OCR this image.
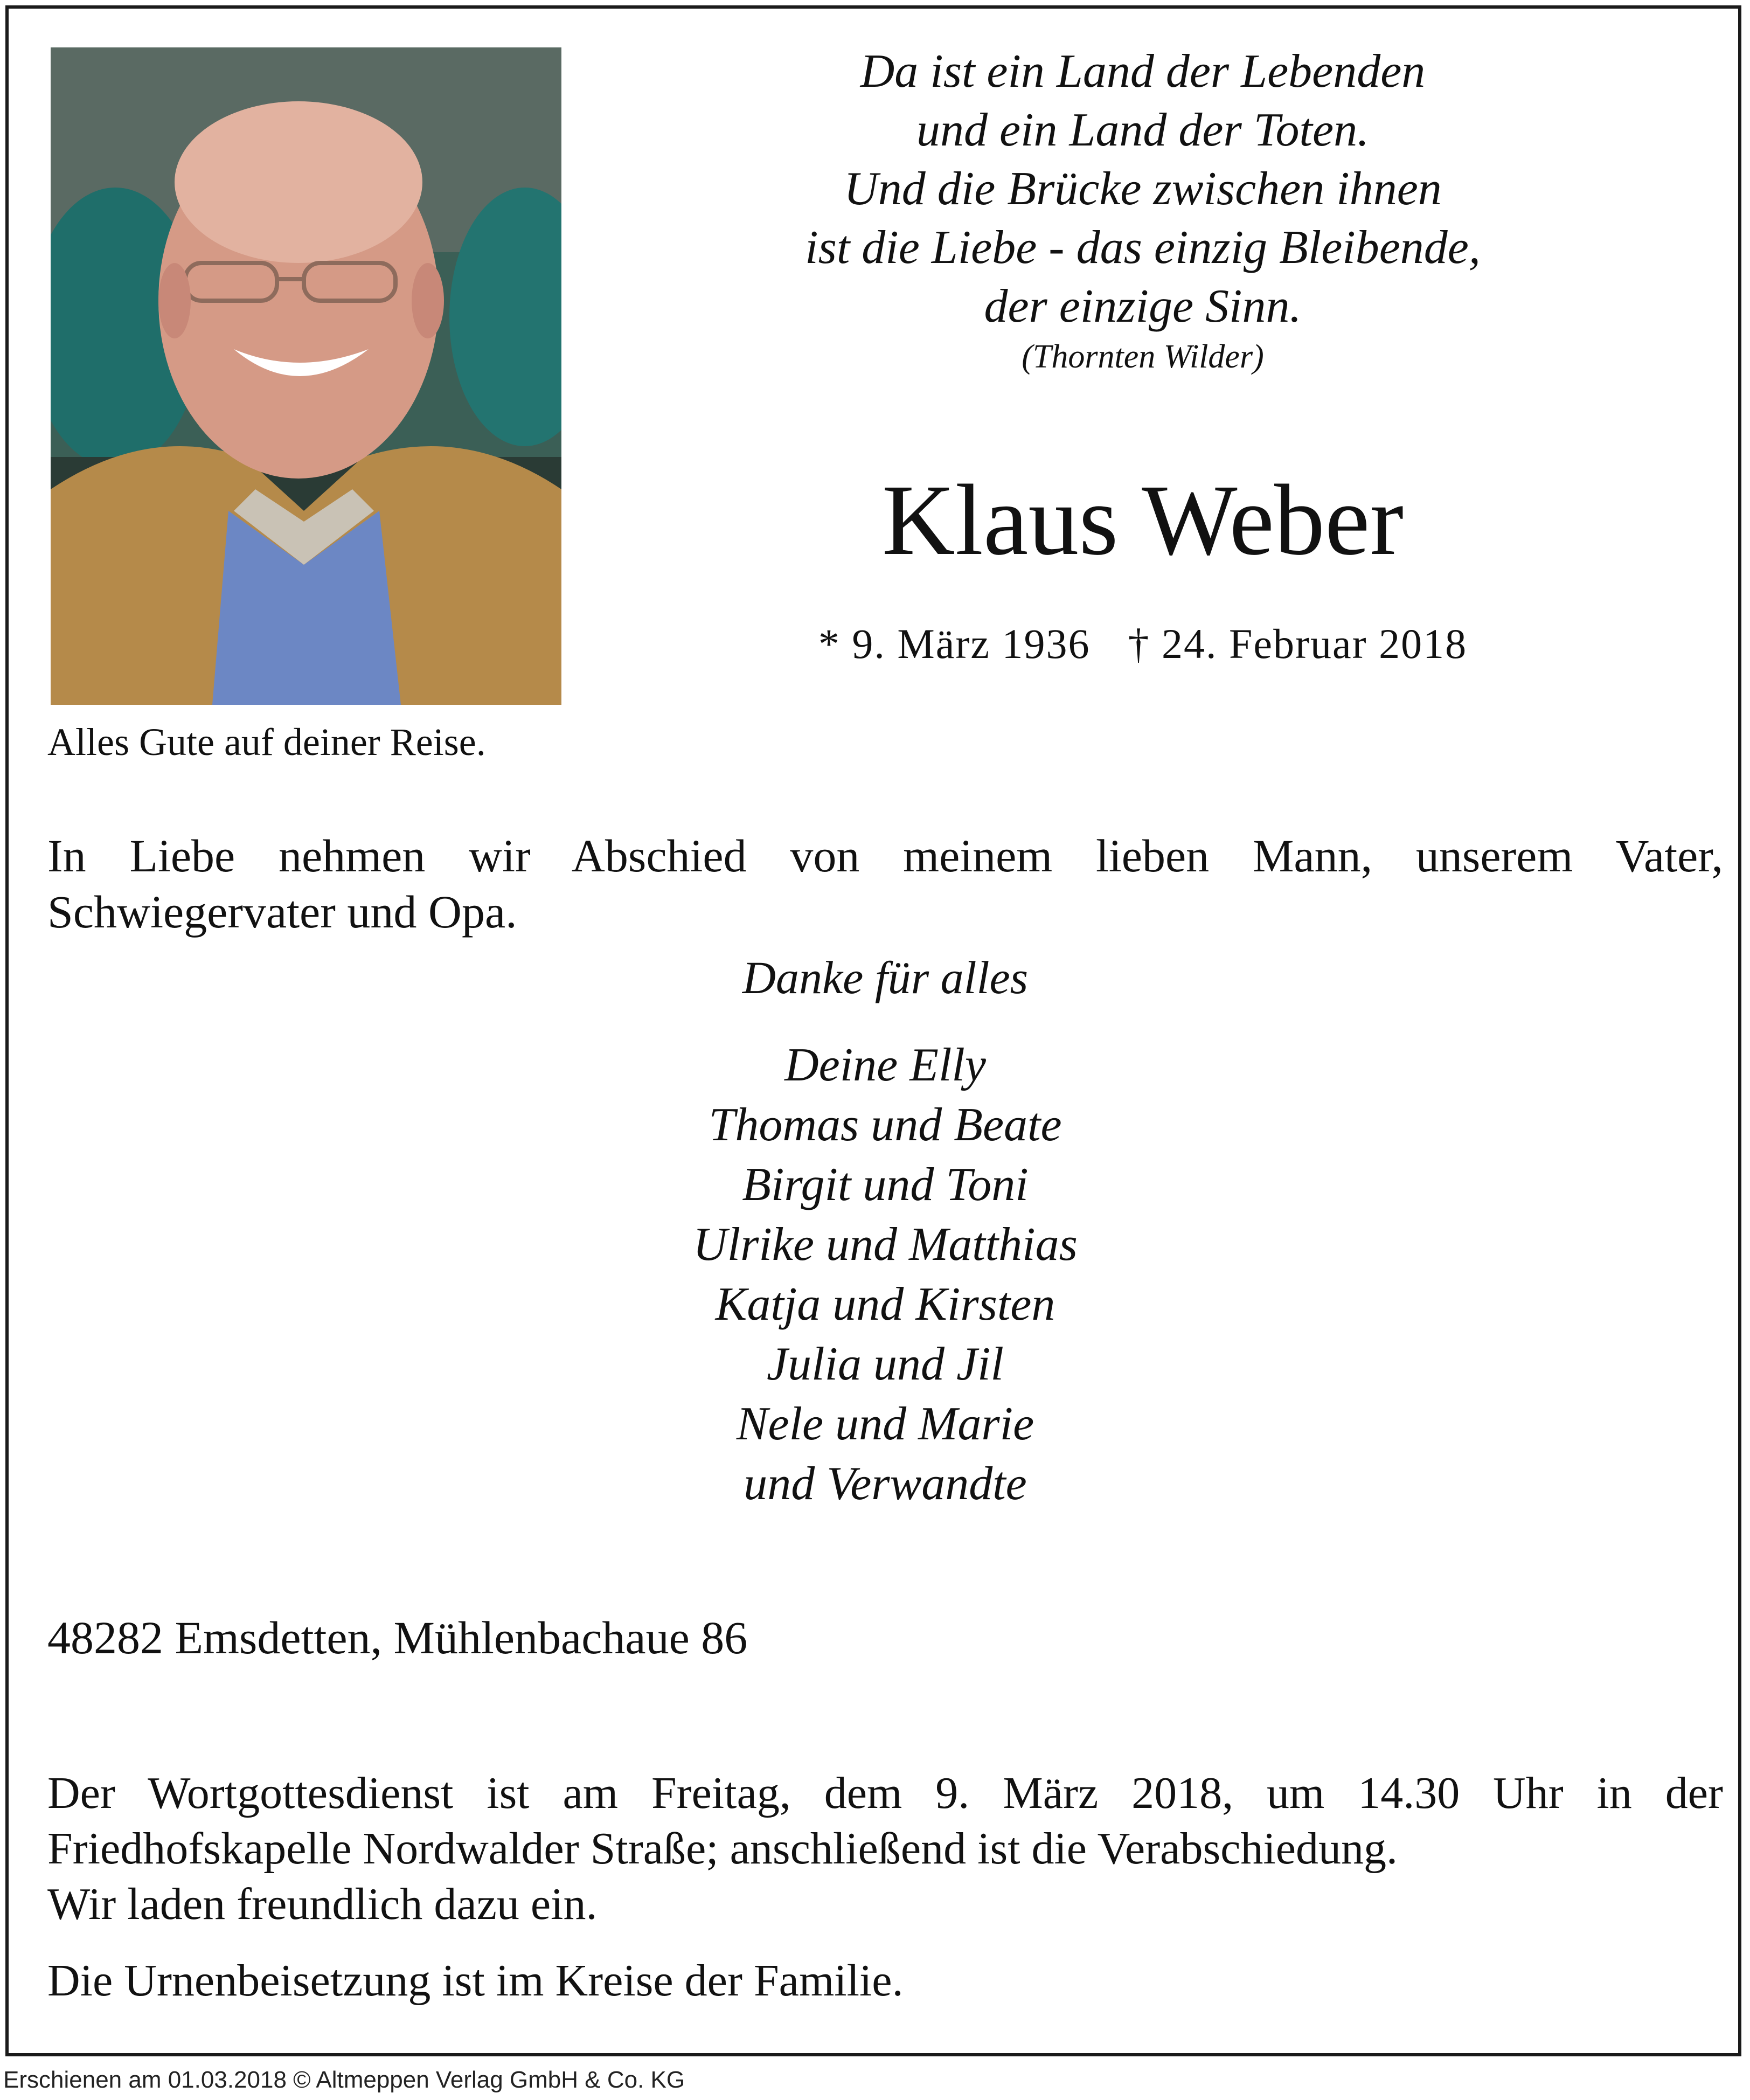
Alles Gute auf deiner Reise.
Da ist ein Land der Lebenden
und ein Land der Toten.
Und die Brücke zwischen ihnen
ist die Liebe - das einzig Bleibende,
der einzige Sinn.
(Thornten Wilder)
Klaus Weber
* 9. März 1936 † 24. Februar 2018
In Liebe nehmen wir Abschied von meinem lieben Mann, unserem Vater,
Schwiegervater und Opa.
Danke für alles
Deine Elly
Thomas und Beate
Birgit und Toni
Ulrike und Matthias
Katja und Kirsten
Julia und Jil
Nele und Marie
und Verwandte
48282 Emsdetten, Mühlenbachaue 86
Der Wortgottesdienst ist am Freitag, dem 9. März 2018, um 14.30 Uhr in der
Friedhofskapelle Nordwalder Straße; anschließend ist die Verabschiedung.
Wir laden freundlich dazu ein.
Die Urnenbeisetzung ist im Kreise der Familie.
Erschienen am 01.03.2018 © Altmeppen Verlag GmbH & Co. KG
